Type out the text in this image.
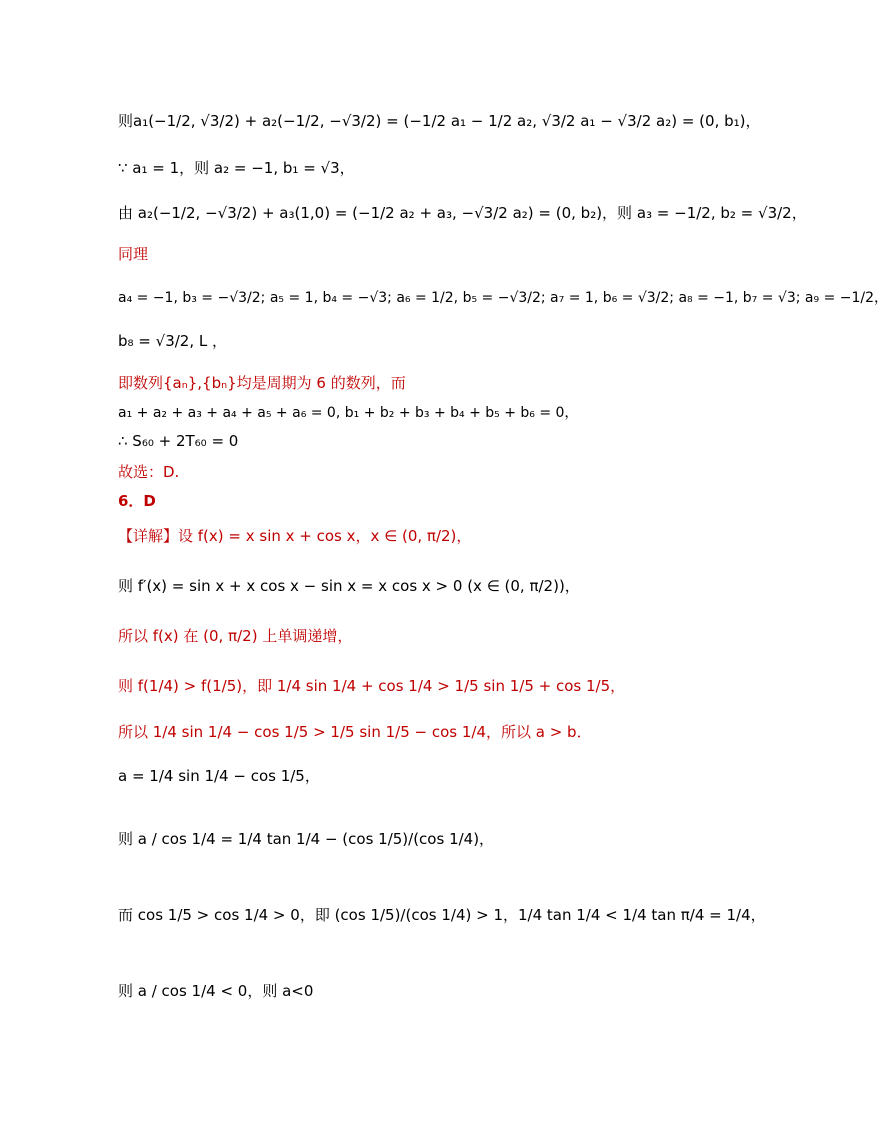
则a₁(−1/2, √3/2) + a₂(−1/2, −√3/2) = (−1/2 a₁ − 1/2 a₂, √3/2 a₁ − √3/2 a₂) = (0, b₁)，
∵ a₁ = 1，则 a₂ = −1, b₁ = √3，
由 a₂(−1/2, −√3/2) + a₃(1,0) = (−1/2 a₂ + a₃, −√3/2 a₂) = (0, b₂)，则 a₃ = −1/2, b₂ = √3/2，
同理
a₄ = −1, b₃ = −√3/2; a₅ = 1, b₄ = −√3; a₆ = 1/2, b₅ = −√3/2; a₇ = 1, b₆ = √3/2; a₈ = −1, b₇ = √3; a₉ = −1/2，
b₈ = √3/2, L ，
即数列{aₙ},{bₙ}均是周期为 6 的数列，而
a₁ + a₂ + a₃ + a₄ + a₅ + a₆ = 0, b₁ + b₂ + b₃ + b₄ + b₅ + b₆ = 0，
∴ S₆₀ + 2T₆₀ = 0
故选：D.
6．D
【详解】设 f(x) = x sin x + cos x，x ∈ (0, π/2)，
则 f′(x) = sin x + x cos x − sin x = x cos x > 0 (x ∈ (0, π/2))，
所以 f(x) 在 (0, π/2) 上单调递增，
则 f(1/4) > f(1/5)，即 1/4 sin 1/4 + cos 1/4 > 1/5 sin 1/5 + cos 1/5，
所以 1/4 sin 1/4 − cos 1/5 > 1/5 sin 1/5 − cos 1/4，所以 a > b．
a = 1/4 sin 1/4 − cos 1/5，
则 a / cos 1/4 = 1/4 tan 1/4 − (cos 1/5)/(cos 1/4)，
而 cos 1/5 > cos 1/4 > 0，即 (cos 1/5)/(cos 1/4) > 1，1/4 tan 1/4 < 1/4 tan π/4 = 1/4，
则 a / cos 1/4 < 0，则 a<0
